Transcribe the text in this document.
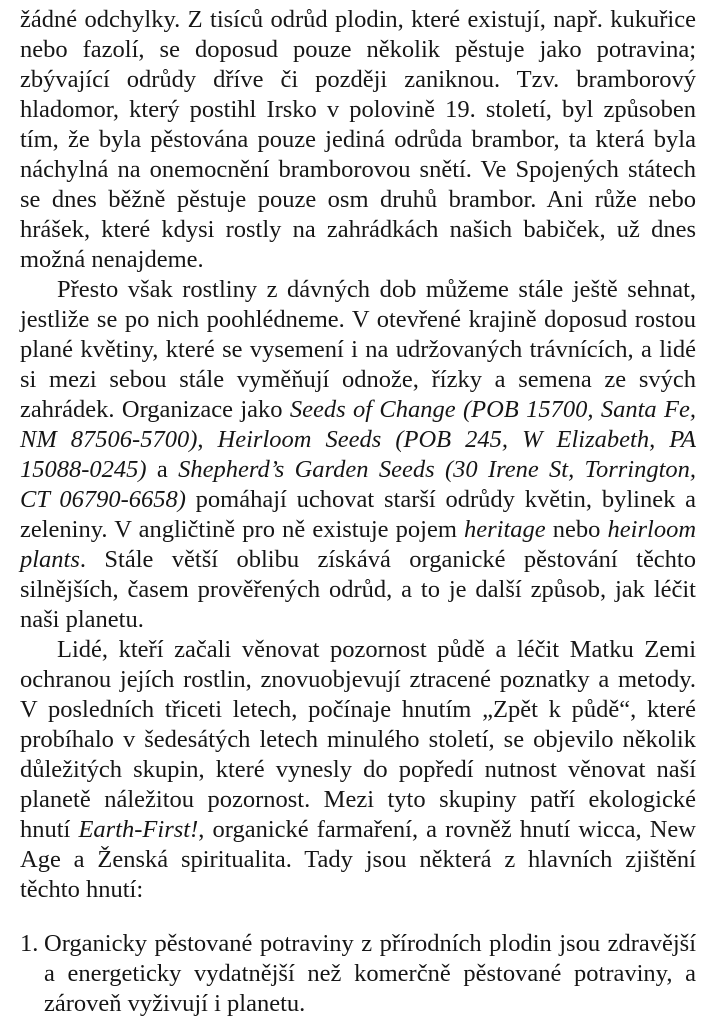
žádné odchylky. Z tisíců odrůd plodin, které existují, např. kukuřice nebo fazolí, se doposud pouze několik pěstuje jako potravina; zbývající odrůdy dříve či později zaniknou. Tzv. bramborový hladomor, který postihl Irsko v polovině 19. století, byl způsoben tím, že byla pěstována pouze jediná odrůda brambor, ta která byla náchylná na onemocnění bramborovou snětí. Ve Spojených státech se dnes běžně pěstuje pouze osm druhů brambor. Ani růže nebo hrášek, které kdysi rostly na zahrádkách našich babiček, už dnes možná nenajdeme.

Přesto však rostliny z dávných dob můžeme stále ještě sehnat, jestliže se po nich poohlédneme. V otevřené krajině doposud rostou plané květiny, které se vysemení i na udržovaných trávnících, a lidé si mezi sebou stále vyměňují odnože, řízky a semena ze svých zahrádek. Organizace jako Seeds of Change (POB 15700, Santa Fe, NM 87506-5700), Heirloom Seeds (POB 245, W Elizabeth, PA 15088-0245) a Shepherd’s Garden Seeds (30 Irene St, Torrington, CT 06790-6658) pomáhají uchovat starší odrůdy květin, bylinek a zeleniny. V angličtině pro ně existuje pojem heritage nebo heirloom plants. Stále větší oblibu získává organické pěstování těchto silnějších, časem prověřených odrůd, a to je další způsob, jak léčit naši planetu.

Lidé, kteří začali věnovat pozornost půdě a léčit Matku Zemi ochranou jejích rostlin, znovuobjevují ztracené poznatky a metody. V posledních třiceti letech, počínaje hnutím „Zpět k půdě“, které probíhalo v šedesátých letech minulého století, se objevilo několik důležitých skupin, které vynesly do popředí nutnost věnovat naší planetě náležitou pozornost. Mezi tyto skupiny patří ekologické hnutí Earth-First!, organické farmaření, a rovněž hnutí wicca, New Age a Ženská spiritualita. Tady jsou některá z hlavních zjištění těchto hnutí:

1. Organicky pěstované potraviny z přírodních plodin jsou zdravější a energeticky vydatnější než komerčně pěstované potraviny, a zároveň vyživují i planetu.
